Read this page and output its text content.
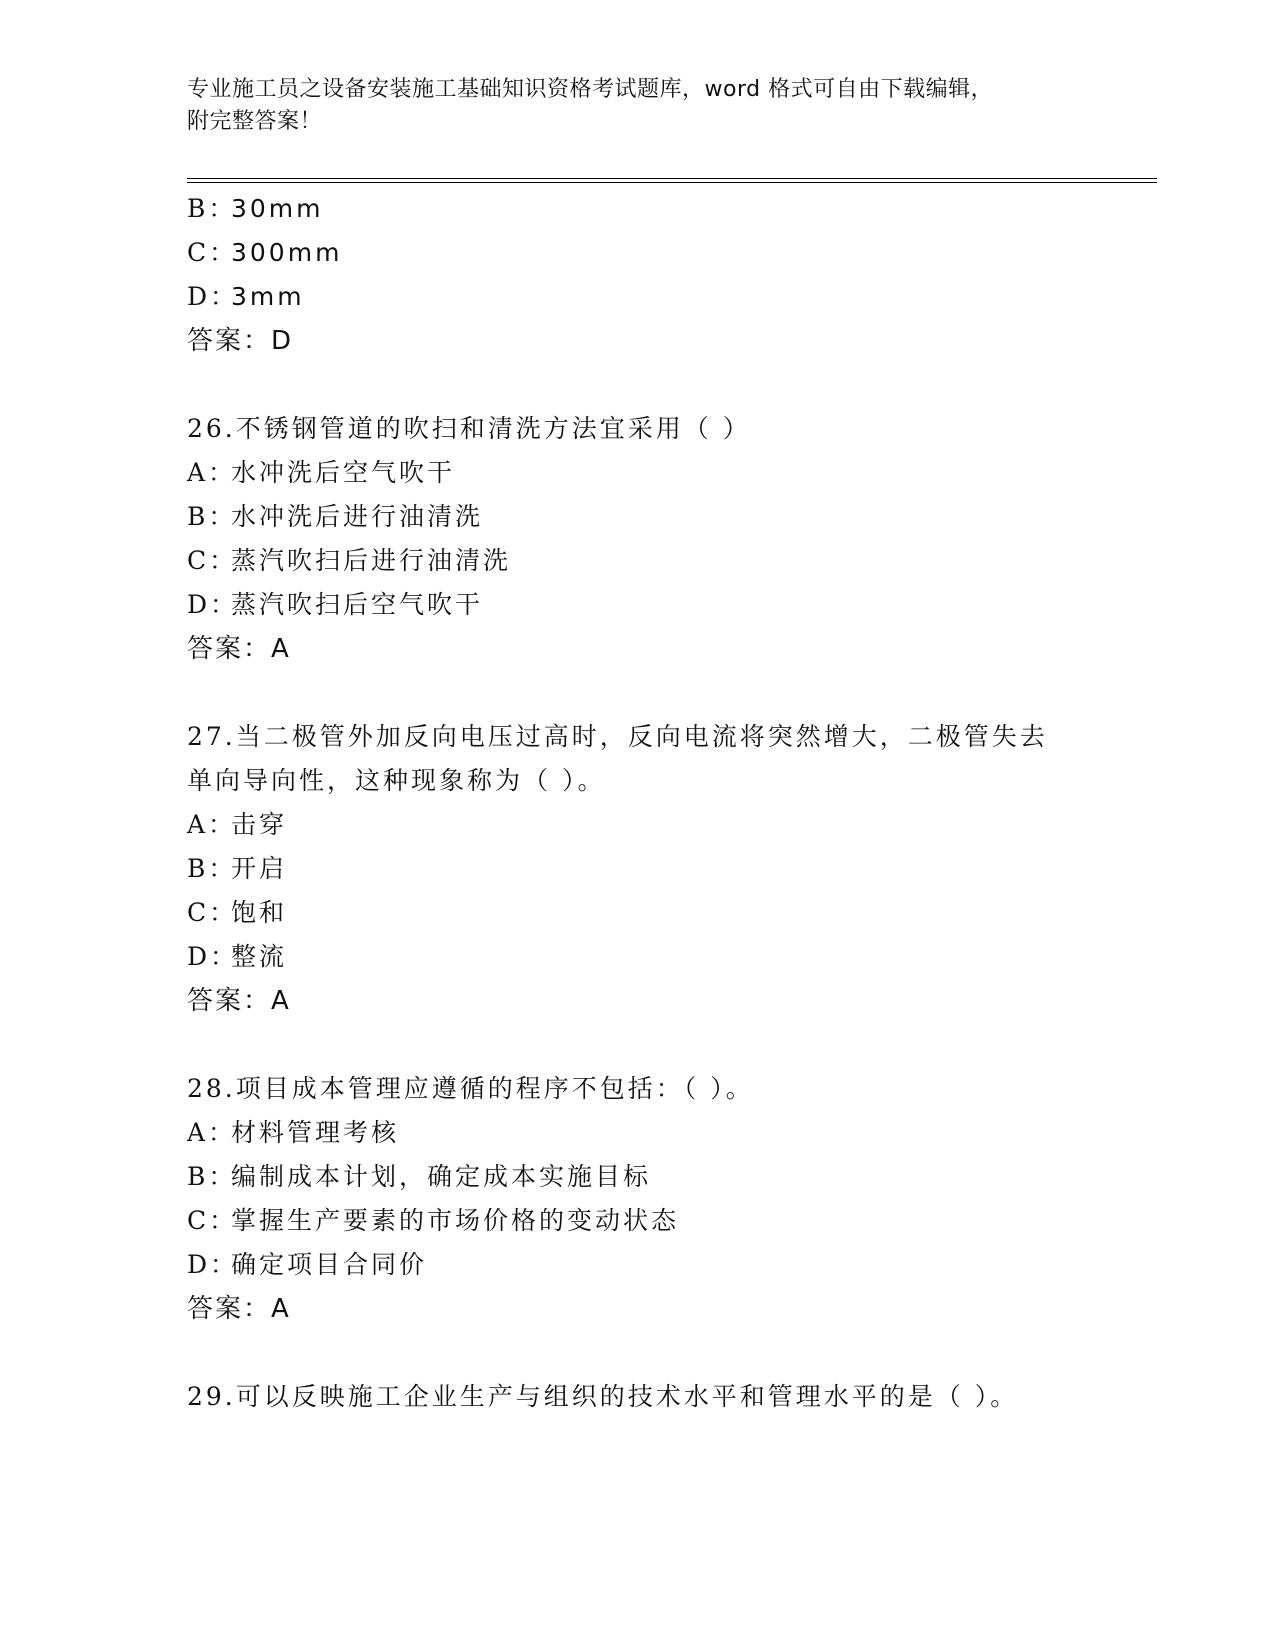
专业施工员之设备安装施工基础知识资格考试题库，word 格式可自由下载编辑，
附完整答案！
B：30mm
C：300mm
D：3mm
答案：D
26.不锈钢管道的吹扫和清洗方法宜采用（ ）
A：水冲洗后空气吹干
B：水冲洗后进行油清洗
C：蒸汽吹扫后进行油清洗
D：蒸汽吹扫后空气吹干
答案：A
27.当二极管外加反向电压过高时，反向电流将突然增大，二极管失去
单向导向性，这种现象称为（ ）。
A：击穿
B：开启
C：饱和
D：整流
答案：A
28.项目成本管理应遵循的程序不包括：（ ）。
A：材料管理考核
B：编制成本计划，确定成本实施目标
C：掌握生产要素的市场价格的变动状态
D：确定项目合同价
答案：A
29.可以反映施工企业生产与组织的技术水平和管理水平的是（ ）。
